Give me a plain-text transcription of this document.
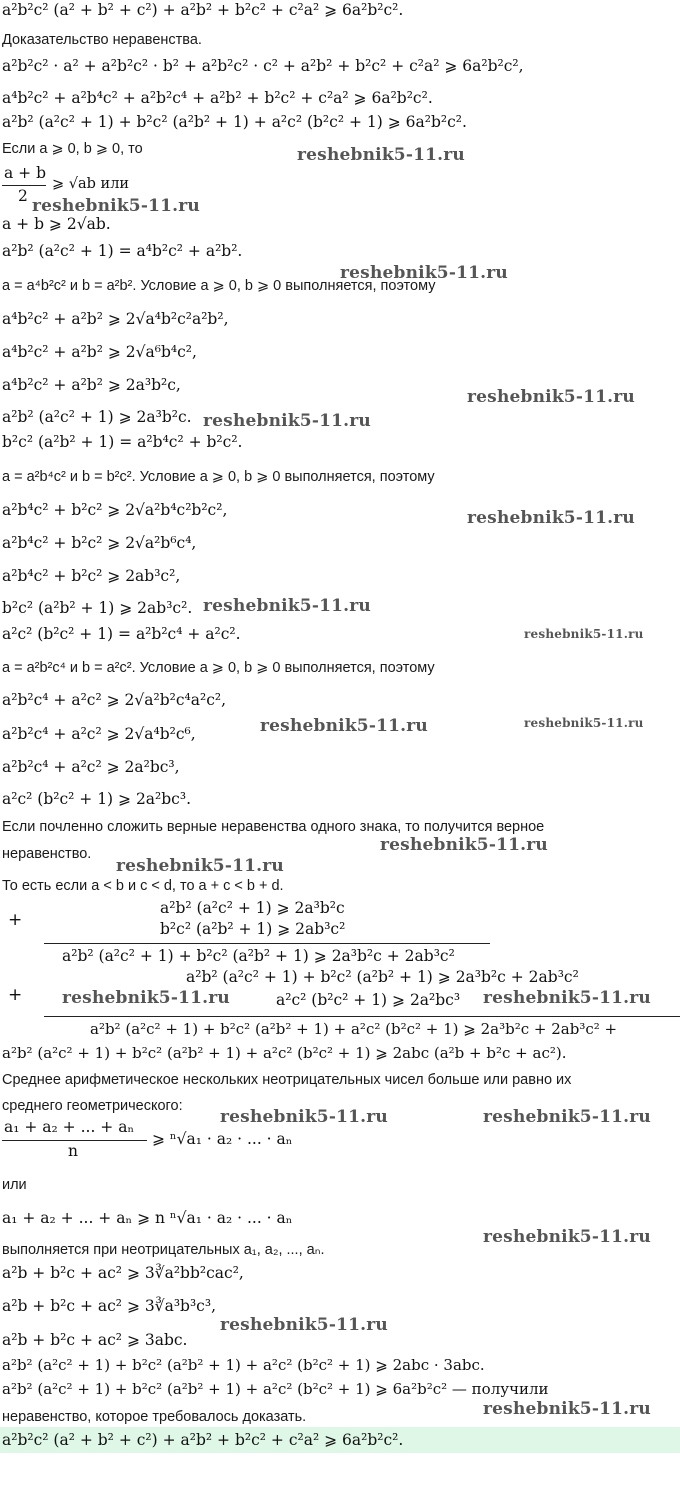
a²b²c² (a² + b² + c²) + a²b² + b²c² + c²a² ⩾ 6a²b²c².
Доказательство неравенства.
a²b²c² · a² + a²b²c² · b² + a²b²c² · c² + a²b² + b²c² + c²a² ⩾ 6a²b²c²,
a⁴b²c² + a²b⁴c² + a²b²c⁴ + a²b² + b²c² + c²a² ⩾ 6a²b²c².
a²b² (a²c² + 1) + b²c² (a²b² + 1) + a²c² (b²c² + 1) ⩾ 6a²b²c².
Если a ⩾ 0, b ⩾ 0, то
a + b
2
⩾ √ab или
a + b ⩾ 2√ab.
a²b² (a²c² + 1) = a⁴b²c² + a²b².
a = a⁴b²c² и b = a²b². Условие a ⩾ 0, b ⩾ 0 выполняется, поэтому
a⁴b²c² + a²b² ⩾ 2√a⁴b²c²a²b²,
a⁴b²c² + a²b² ⩾ 2√a⁶b⁴c²,
a⁴b²c² + a²b² ⩾ 2a³b²c,
a²b² (a²c² + 1) ⩾ 2a³b²c.
b²c² (a²b² + 1) = a²b⁴c² + b²c².
a = a²b⁴c² и b = b²c². Условие a ⩾ 0, b ⩾ 0 выполняется, поэтому
a²b⁴c² + b²c² ⩾ 2√a²b⁴c²b²c²,
a²b⁴c² + b²c² ⩾ 2√a²b⁶c⁴,
a²b⁴c² + b²c² ⩾ 2ab³c²,
b²c² (a²b² + 1) ⩾ 2ab³c².
a²c² (b²c² + 1) = a²b²c⁴ + a²c².
a = a²b²c⁴ и b = a²c². Условие a ⩾ 0, b ⩾ 0 выполняется, поэтому
a²b²c⁴ + a²c² ⩾ 2√a²b²c⁴a²c²,
a²b²c⁴ + a²c² ⩾ 2√a⁴b²c⁶,
a²b²c⁴ + a²c² ⩾ 2a²bc³,
a²c² (b²c² + 1) ⩾ 2a²bc³.
Если почленно сложить верные неравенства одного знака, то получится верное
неравенство.
То есть если a < b и c < d, то a + c < b + d.
+
a²b² (a²c² + 1) ⩾ 2a³b²c
b²c² (a²b² + 1) ⩾ 2ab³c²
a²b² (a²c² + 1) + b²c² (a²b² + 1) ⩾ 2a³b²c + 2ab³c²
+
a²b² (a²c² + 1) + b²c² (a²b² + 1) ⩾ 2a³b²c + 2ab³c²
a²c² (b²c² + 1) ⩾ 2a²bc³
a²b² (a²c² + 1) + b²c² (a²b² + 1) + a²c² (b²c² + 1) ⩾ 2a³b²c + 2ab³c² +
a²b² (a²c² + 1) + b²c² (a²b² + 1) + a²c² (b²c² + 1) ⩾ 2abc (a²b + b²c + ac²).
Среднее арифметическое нескольких неотрицательных чисел больше или равно их
среднего геометрического:
a₁ + a₂ + ... + aₙ
n
⩾ ⁿ√a₁ · a₂ · ... · aₙ
или
a₁ + a₂ + ... + aₙ ⩾ n ⁿ√a₁ · a₂ · ... · aₙ
выполняется при неотрицательных a₁, a₂, ..., aₙ.
a²b + b²c + ac² ⩾ 3∛a²bb²cac²,
a²b + b²c + ac² ⩾ 3∛a³b³c³,
a²b + b²c + ac² ⩾ 3abc.
a²b² (a²c² + 1) + b²c² (a²b² + 1) + a²c² (b²c² + 1) ⩾ 2abc · 3abc.
a²b² (a²c² + 1) + b²c² (a²b² + 1) + a²c² (b²c² + 1) ⩾ 6a²b²c² — получили
неравенство, которое требовалось доказать.
a²b²c² (a² + b² + c²) + a²b² + b²c² + c²a² ⩾ 6a²b²c².
reshebnik5-11.ru
reshebnik5-11.ru
reshebnik5-11.ru
reshebnik5-11.ru
reshebnik5-11.ru
reshebnik5-11.ru
reshebnik5-11.ru
reshebnik5-11.ru
reshebnik5-11.ru	reshebnik5-11.ru
reshebnik5-11.ru
reshebnik5-11.ru
reshebnik5-11.ru	reshebnik5-11.ru
reshebnik5-11.ru	reshebnik5-11.ru
reshebnik5-11.ru
reshebnik5-11.ru
reshebnik5-11.ru
